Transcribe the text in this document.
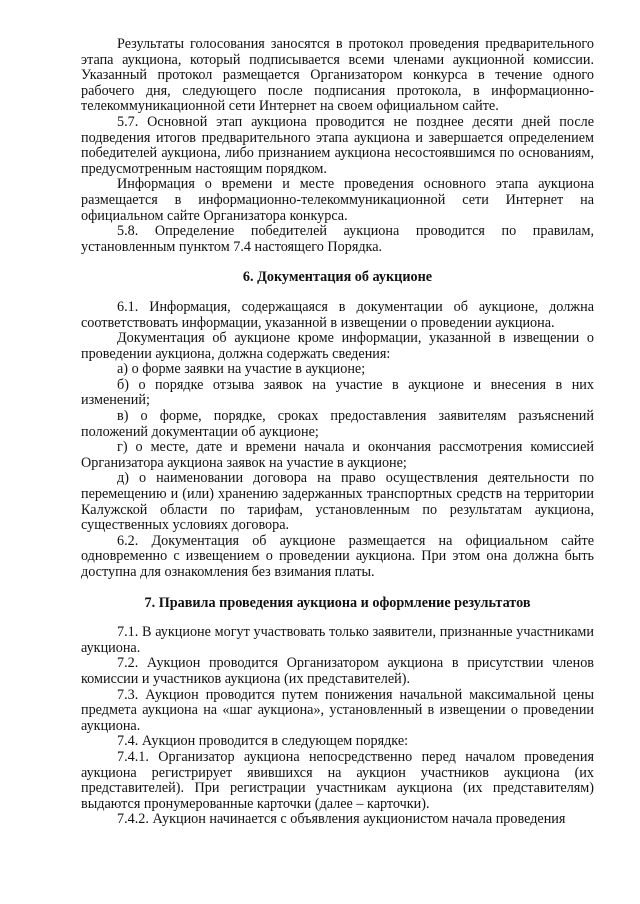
Результаты голосования заносятся в протокол проведения предварительного этапа аукциона, который подписывается всеми членами аукционной комиссии. Указанный протокол размещается Организатором конкурса в течение одного рабочего дня, следующего после подписания протокола, в информационно-телекоммуникационной сети Интернет на своем официальном сайте.

5.7. Основной этап аукциона проводится не позднее десяти дней после подведения итогов предварительного этапа аукциона и завершается определением победителей аукциона, либо признанием аукциона несостоявшимся по основаниям, предусмотренным настоящим порядком.

Информация о времени и месте проведения основного этапа аукциона размещается в информационно-телекоммуникационной сети Интернет на официальном сайте Организатора конкурса.

5.8. Определение победителей аукциона проводится по правилам, установленным пунктом 7.4 настоящего Порядка.

6. Документация об аукционе

6.1. Информация, содержащаяся в документации об аукционе, должна соответствовать информации, указанной в извещении о проведении аукциона.

Документация об аукционе кроме информации, указанной в извещении о проведении аукциона, должна содержать сведения:

а) о форме заявки на участие в аукционе;

б) о порядке отзыва заявок на участие в аукционе и внесения в них изменений;

в) о форме, порядке, сроках предоставления заявителям разъяснений положений документации об аукционе;

г) о месте, дате и времени начала и окончания рассмотрения комиссией Организатора аукциона заявок на участие в аукционе;

д) о наименовании договора на право осуществления деятельности по перемещению и (или) хранению задержанных транспортных средств на территории Калужской области по тарифам, установленным по результатам аукциона, существенных условиях договора.

6.2. Документация об аукционе размещается на официальном сайте одновременно с извещением о проведении аукциона. При этом она должна быть доступна для ознакомления без взимания платы.

7. Правила проведения аукциона и оформление результатов

7.1. В аукционе могут участвовать только заявители, признанные участниками аукциона.

7.2. Аукцион проводится Организатором аукциона в присутствии членов комиссии и участников аукциона (их представителей).

7.3. Аукцион проводится путем понижения начальной максимальной цены предмета аукциона на «шаг аукциона», установленный в извещении о проведении аукциона.

7.4. Аукцион проводится в следующем порядке:

7.4.1. Организатор аукциона непосредственно перед началом проведения аукциона регистрирует явившихся на аукцион участников аукциона (их представителей). При регистрации участникам аукциона (их представителям) выдаются пронумерованные карточки (далее – карточки).

7.4.2. Аукцион начинается с объявления аукционистом начала проведения
